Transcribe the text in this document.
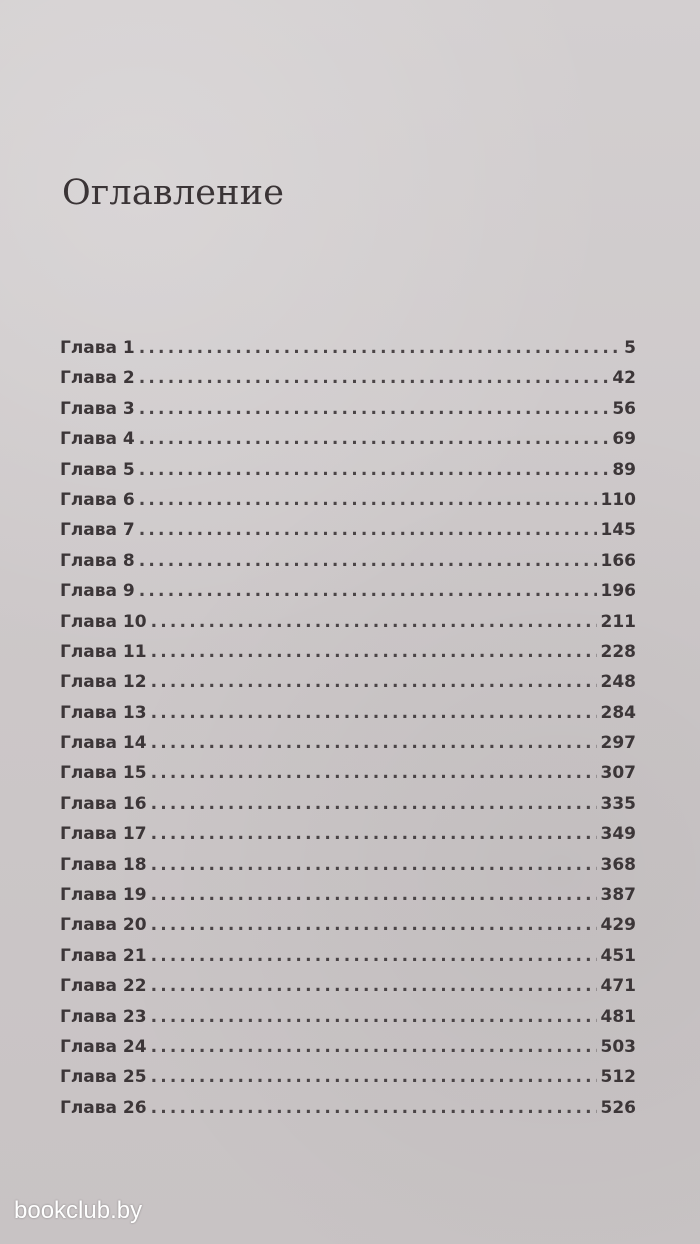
Оглавление
Глава 1 .....	5
Глава 2 .....	42
Глава 3 .....	56
Глава 4 .....	69
Глава 5 .....	89
Глава 6 .....	110
Глава 7 .....	145
Глава 8 .....	166
Глава 9 .....	196
Глава 10 .....	211
Глава 11 .....	228
Глава 12 .....	248
Глава 13 .....	284
Глава 14 .....	297
Глава 15 .....	307
Глава 16 .....	335
Глава 17 .....	349
Глава 18 .....	368
Глава 19 .....	387
Глава 20 .....	429
Глава 21 .....	451
Глава 22 .....	471
Глава 23 .....	481
Глава 24 .....	503
Глава 25 .....	512
Глава 26 .....	526
bookclub.by
